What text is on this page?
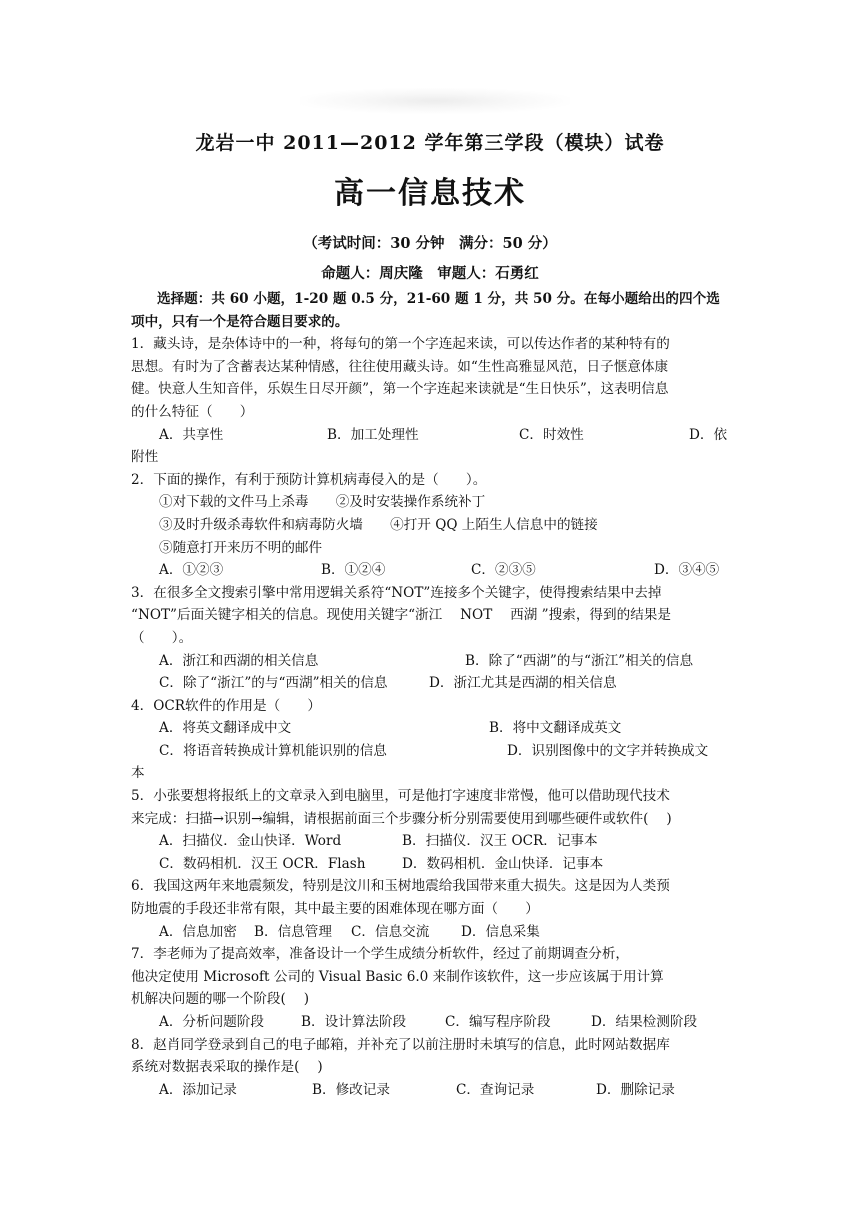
龙岩一中 2011—2012 学年第三学段（模块）试卷
高一信息技术
（考试时间：30 分钟　满分：50 分）
命题人：周庆隆　审题人：石勇红
选择题：共 60 小题，1-20 题 0.5 分，21-60 题 1 分，共 50 分。在每小题给出的四个选
项中，只有一个是符合题目要求的。
1．藏头诗，是杂体诗中的一种，将每句的第一个字连起来读，可以传达作者的某种特有的
思想。有时为了含蓄表达某种情感，往往使用藏头诗。如“生性高雅显风范，日子惬意体康
健。快意人生知音伴，乐娱生日尽开颜”，第一个字连起来读就是“生日快乐”，这表明信息
的什么特征（　　）
A．共享性	B．加工处理性	C．时效性	D．依
附性
2．下面的操作，有利于预防计算机病毒侵入的是（　　）。
①对下载的文件马上杀毒　　②及时安装操作系统补丁
③及时升级杀毒软件和病毒防火墙　　④打开 QQ 上陌生人信息中的链接
⑤随意打开来历不明的邮件
A．①②③	B．①②④	C．②③⑤	D．③④⑤
3．在很多全文搜索引擎中常用逻辑关系符“NOT”连接多个关键字，使得搜索结果中去掉
“NOT”后面关键字相关的信息。现使用关键字“浙江　 NOT　 西湖 ”搜索，得到的结果是
（　　）。
A．浙江和西湖的相关信息	B．除了“西湖”的与“浙江”相关的信息
C．除了“浙江”的与“西湖”相关的信息	D．浙江尤其是西湖的相关信息
4．OCR软件的作用是（　　）
A．将英文翻译成中文	B．将中文翻译成英文
C．将语音转换成计算机能识别的信息	D．识别图像中的文字并转换成文
本
5．小张要想将报纸上的文章录入到电脑里，可是他打字速度非常慢，他可以借助现代技术
来完成：扫描→识别→编辑，请根据前面三个步骤分析分别需要使用到哪些硬件或软件(　 )
A．扫描仪．金山快译．Word	B．扫描仪．汉王 OCR．记事本
C．数码相机．汉王 OCR．Flash	D．数码相机．金山快译．记事本
6．我国这两年来地震频发，特别是汶川和玉树地震给我国带来重大损失。这是因为人类预
防地震的手段还非常有限，其中最主要的困难体现在哪方面（　　）
A．信息加密	B．信息管理	C．信息交流	D．信息采集
7．李老师为了提高效率，准备设计一个学生成绩分析软件，经过了前期调查分析，
他决定使用 Microsoft 公司的 Visual Basic 6.0 来制作该软件，这一步应该属于用计算
机解决问题的哪一个阶段(　 )
A．分析问题阶段	B．设计算法阶段	C．编写程序阶段	D．结果检测阶段
8．赵肖同学登录到自己的电子邮箱，并补充了以前注册时未填写的信息，此时网站数据库
系统对数据表采取的操作是(　 )
A．添加记录	B．修改记录	C．查询记录	D．删除记录
